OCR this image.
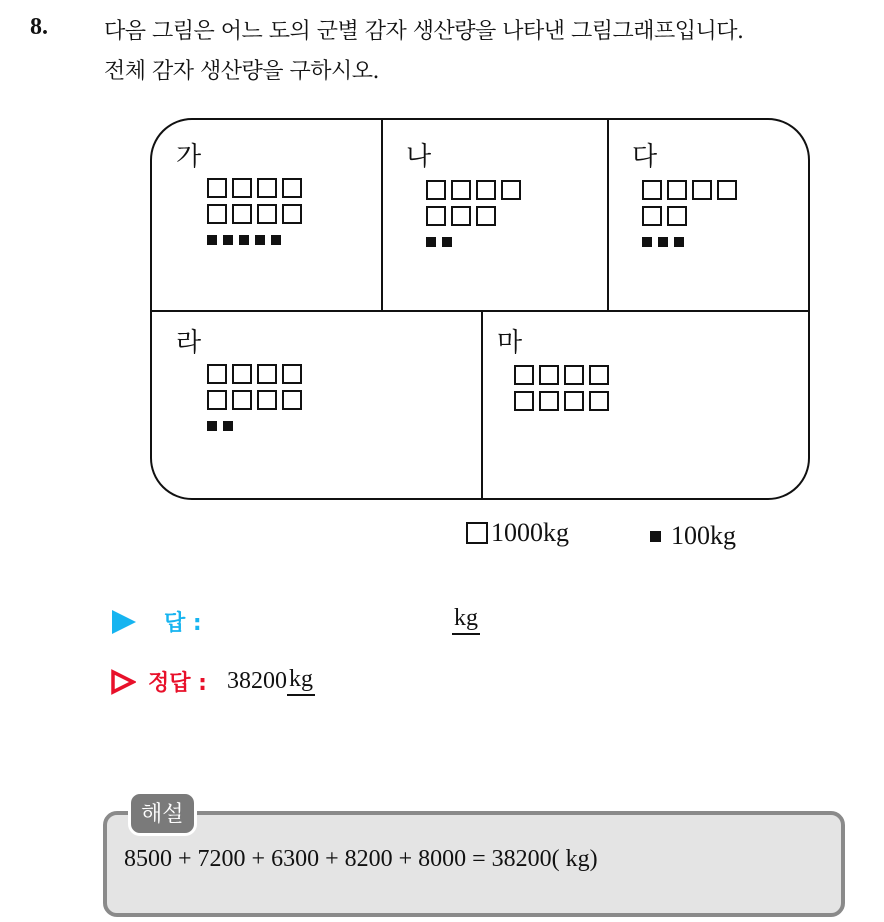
8.	다음 그림은 어느 도의 군별 감자 생산량을 나타낸 그림그래프입니다.
전체 감자 생산량을 구하시오.
가	나	다
라	마
1000kg	100kg
답 :	kg
정답 : 38200 kg
해설
8500 + 7200 + 6300 + 8200 + 8000 = 38200( kg)
